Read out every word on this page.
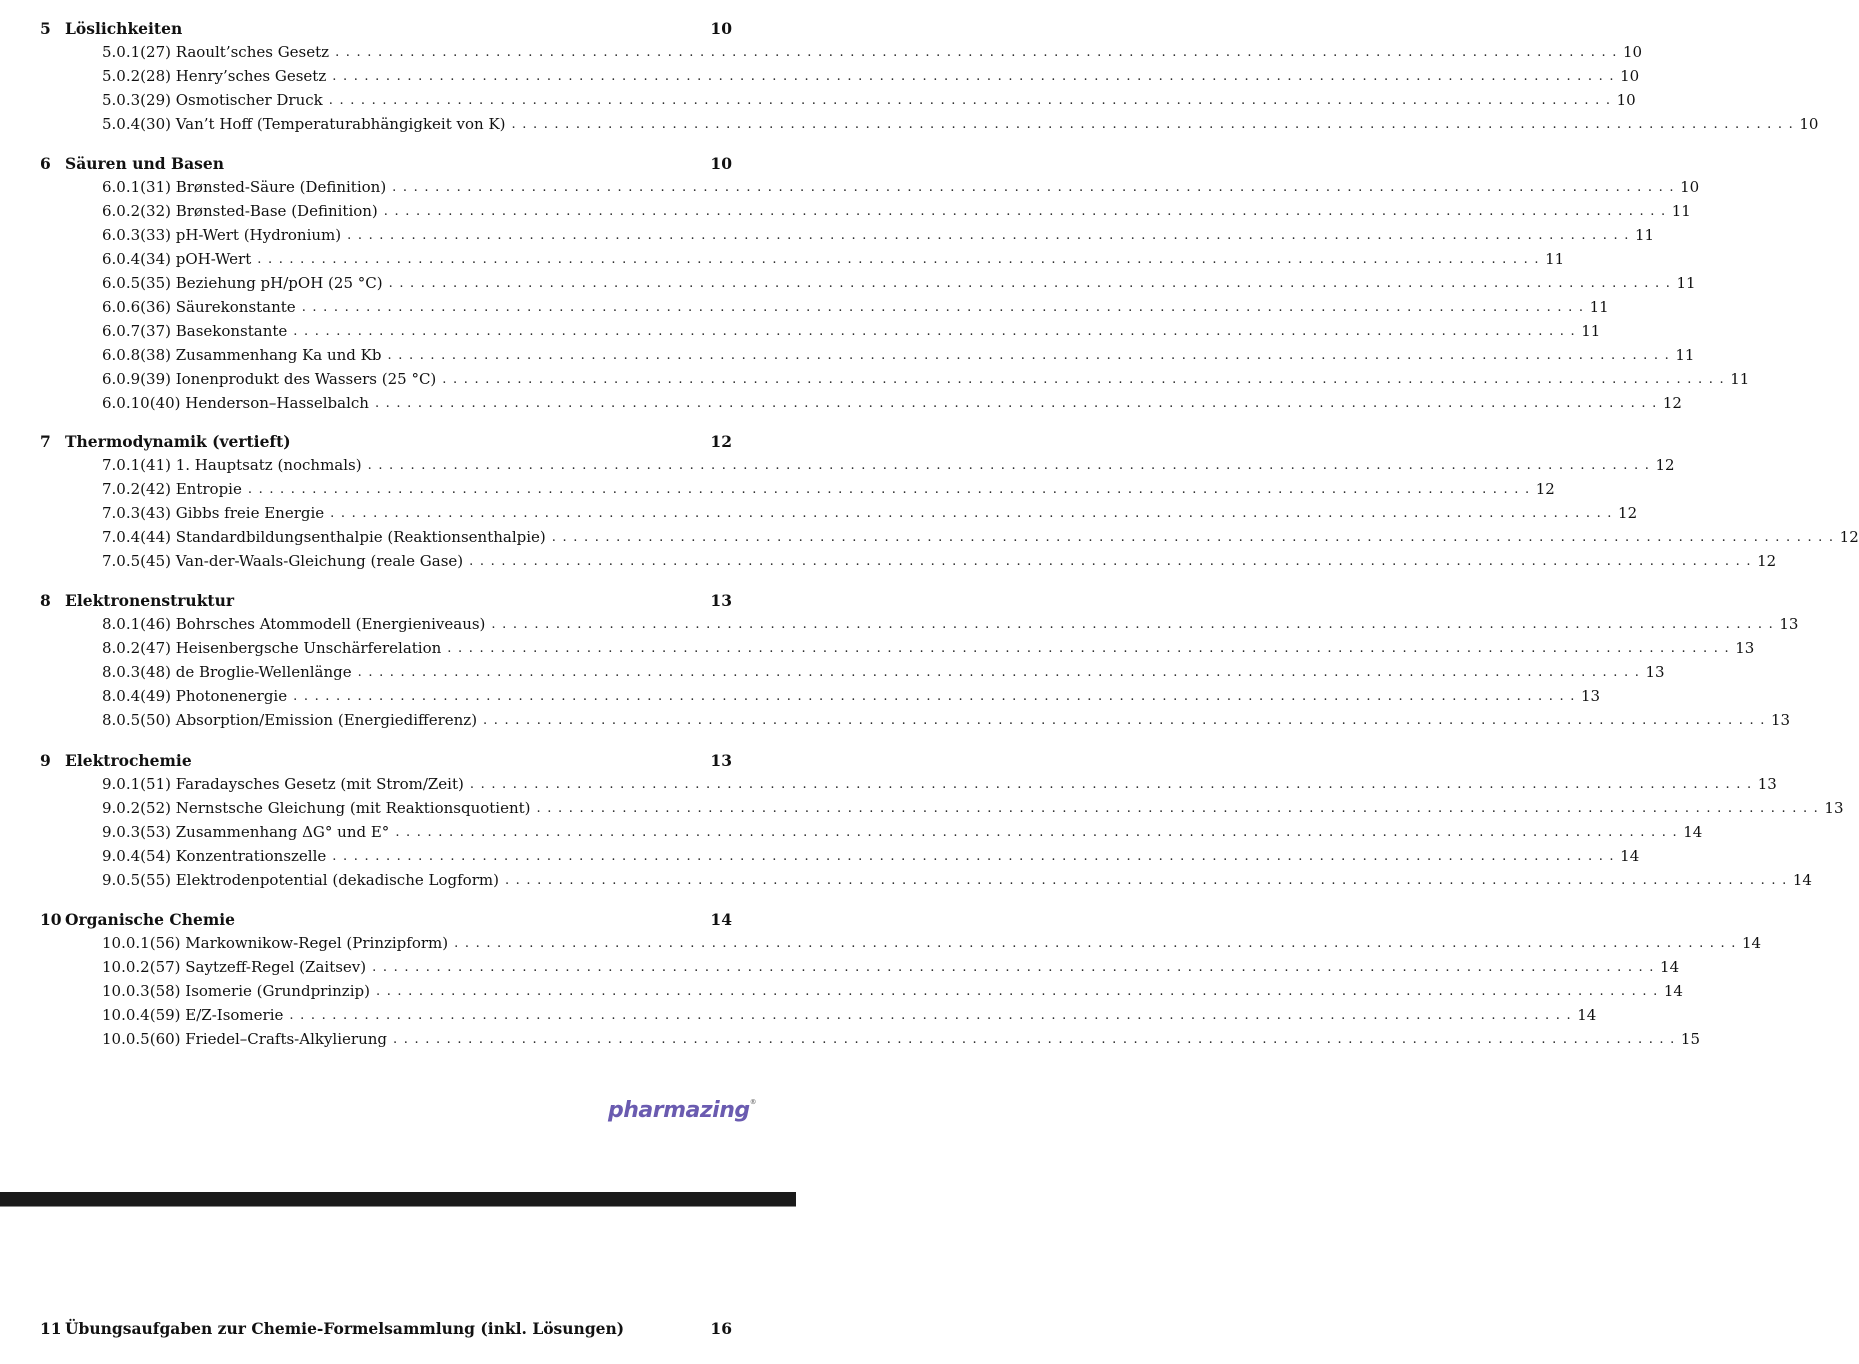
5 Löslichkeiten	10
5.0.1 (27) Raoult’sches Gesetz ........................................................................................................................ 10
5.0.2 (28) Henry’sches Gesetz ........................................................................................................................ 10
5.0.3 (29) Osmotischer Druck ........................................................................................................................ 10
5.0.4 (30) Van’t Hoff (Temperaturabhängigkeit von K) ........................................................................................................................ 10
6 Säuren und Basen	10
6.0.1 (31) Brønsted-Säure (Definition) ........................................................................................................................ 10
6.0.2 (32) Brønsted-Base (Definition) ........................................................................................................................ 11
6.0.3 (33) pH-Wert (Hydronium) ........................................................................................................................ 11
6.0.4 (34) pOH-Wert ........................................................................................................................ 11
6.0.5 (35) Beziehung pH/pOH (25 °C) ........................................................................................................................ 11
6.0.6 (36) Säurekonstante ........................................................................................................................ 11
6.0.7 (37) Basekonstante ........................................................................................................................ 11
6.0.8 (38) Zusammenhang Ka und Kb ........................................................................................................................ 11
6.0.9 (39) Ionenprodukt des Wassers (25 °C) ........................................................................................................................ 11
6.0.10 (40) Henderson–Hasselbalch ........................................................................................................................ 12
7 Thermodynamik (vertieft)	12
7.0.1 (41) 1. Hauptsatz (nochmals) ........................................................................................................................ 12
7.0.2 (42) Entropie ........................................................................................................................ 12
7.0.3 (43) Gibbs freie Energie ........................................................................................................................ 12
7.0.4 (44) Standardbildungsenthalpie (Reaktionsenthalpie) ........................................................................................................................ 12
7.0.5 (45) Van-der-Waals-Gleichung (reale Gase) ........................................................................................................................ 12
8 Elektronenstruktur	13
8.0.1 (46) Bohrsches Atommodell (Energieniveaus) ........................................................................................................................ 13
8.0.2 (47) Heisenbergsche Unschärferelation ........................................................................................................................ 13
8.0.3 (48) de Broglie-Wellenlänge ........................................................................................................................ 13
8.0.4 (49) Photonenergie ........................................................................................................................ 13
8.0.5 (50) Absorption/Emission (Energiedifferenz) ........................................................................................................................ 13
9 Elektrochemie	13
9.0.1 (51) Faradaysches Gesetz (mit Strom/Zeit) ........................................................................................................................ 13
9.0.2 (52) Nernstsche Gleichung (mit Reaktionsquotient) ........................................................................................................................ 13
9.0.3 (53) Zusammenhang ΔG° und E° ........................................................................................................................ 14
9.0.4 (54) Konzentrationszelle ........................................................................................................................ 14
9.0.5 (55) Elektrodenpotential (dekadische Logform) ........................................................................................................................ 14
10 Organische Chemie	14
10.0.1 (56) Markownikow-Regel (Prinzipform) ........................................................................................................................ 14
10.0.2 (57) Saytzeff-Regel (Zaitsev) ........................................................................................................................ 14
10.0.3 (58) Isomerie (Grundprinzip) ........................................................................................................................ 14
10.0.4 (59) E/Z-Isomerie ........................................................................................................................ 14
10.0.5 (60) Friedel–Crafts-Alkylierung ........................................................................................................................ 15
pharmazing®
11 Übungsaufgaben zur Chemie-Formelsammlung (inkl. Lösungen)	16
